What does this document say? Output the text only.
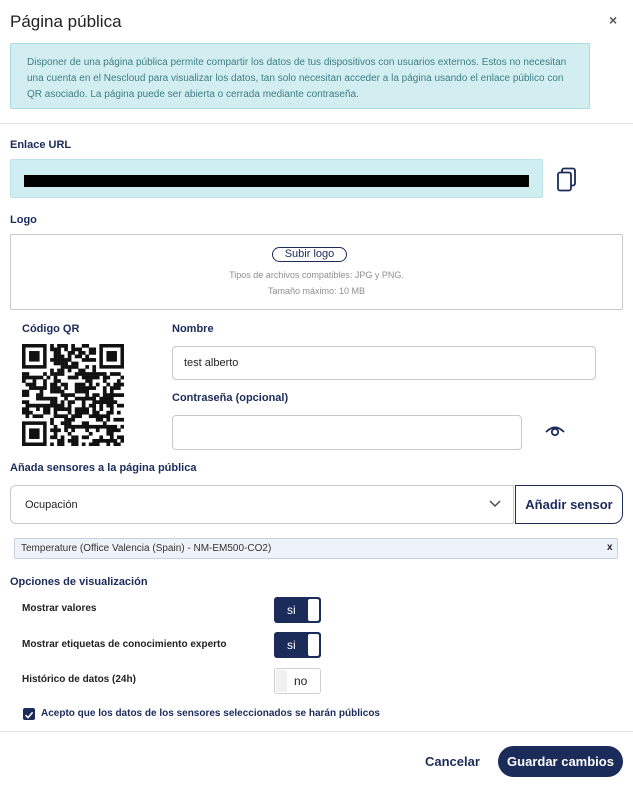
Página pública	×
Disponer de una página pública permite compartir los datos de tus dispositivos con usuarios externos. Estos no necesitan una cuenta en el Nescloud para visualizar los datos, tan solo necesitan acceder a la página usando el enlace público con QR asociado. La página puede ser abierta o cerrada mediante contraseña.
Enlace URL
Logo
Subir logo
Tipos de archivos compatibles: JPG y PNG.
Tamaño máximo: 10 MB
Código QR	Nombre
test alberto
Contraseña (opcional)
Añada sensores a la página pública
Ocupación	Añadir sensor
Temperature (Office Valencia (Spain) - NM-EM500-CO2)	x
Opciones de visualización
Mostrar valores	si
Mostrar etiquetas de conocimiento experto	si
Histórico de datos (24h)	no
Acepto que los datos de los sensores seleccionados se harán públicos
Cancelar	Guardar cambios
